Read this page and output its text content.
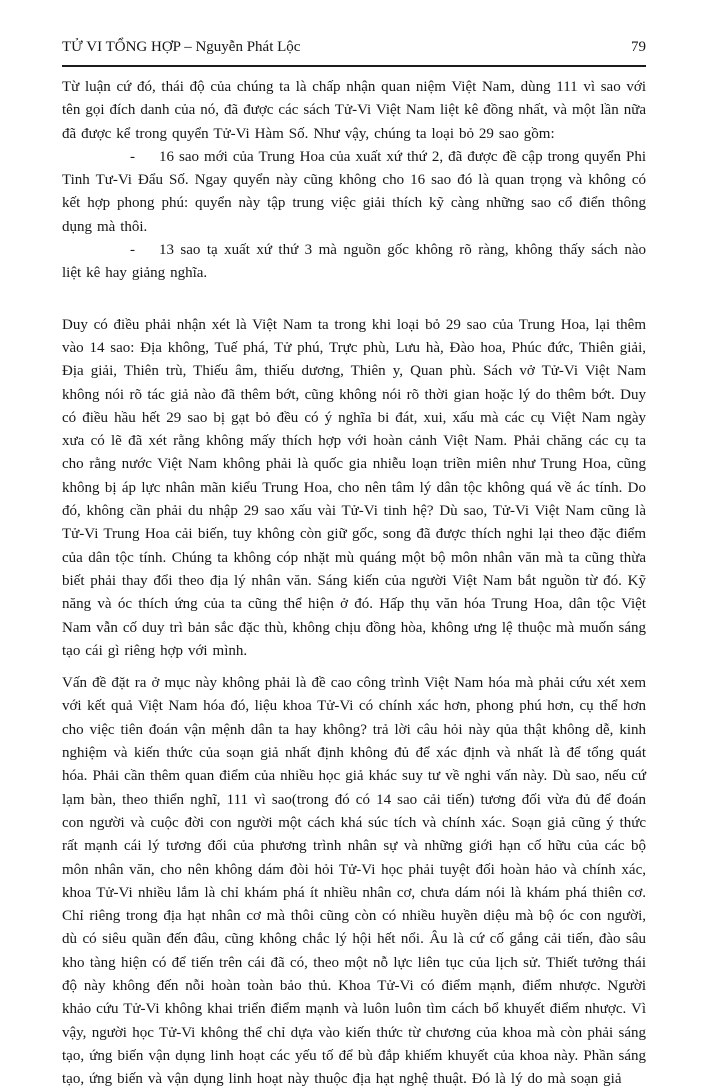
TỬ VI TỔNG HỢP – Nguyễn Phát Lộc	79

Từ luận cứ đó, thái độ của chúng ta là chấp nhận quan niệm Việt Nam, dùng 111 vì sao với tên gọi đích danh của nó, đã được các sách Tử-Vi Việt Nam liệt kê đồng nhất, và một lần nữa đã được kể trong quyển Tử-Vi Hàm Số. Như vậy, chúng ta loại bỏ 29 sao gồm:

- 16 sao mới của Trung Hoa của xuất xứ thứ 2, đã được đề cập trong quyển Phi Tinh Tư-Vi Đẩu Số. Ngay quyển này cũng không cho 16 sao đó là quan trọng và không có kết hợp phong phú: quyển này tập trung việc giải thích kỹ càng những sao cổ điển thông dụng mà thôi.

- 13 sao tạ xuất xứ thứ 3 mà nguồn gốc không rõ ràng, không thấy sách nào liệt kê hay giảng nghĩa.

Duy có điều phải nhận xét là Việt Nam ta trong khi loại bỏ 29 sao của Trung Hoa, lại thêm vào 14 sao: Địa không, Tuế phá, Tử phú, Trực phù, Lưu hà, Đào hoa, Phúc đức, Thiên giải, Địa giải, Thiên trù, Thiếu âm, thiếu dương, Thiên y, Quan phù. Sách vở Tử-Vi Việt Nam không nói rõ tác giả nào đã thêm bớt, cũng không nói rõ thời gian hoặc lý do thêm bớt. Duy có điều hầu hết 29 sao bị gạt bỏ đều có ý nghĩa bi đát, xui, xấu mà các cụ Việt Nam ngày xưa có lẽ đã xét rằng không mấy thích hợp với hoàn cảnh Việt Nam. Phải chăng các cụ ta cho rằng nước Việt Nam không phải là quốc gia nhiễu loạn triền miên như Trung Hoa, cũng không bị áp lực nhân mãn kiểu Trung Hoa, cho nên tâm lý dân tộc không quá về ác tính. Do đó, không cần phải du nhập 29 sao xấu vài Tử-Vi tinh hệ? Dù sao, Tử-Vi Việt Nam cũng là Tử-Vi Trung Hoa cải biến, tuy không còn giữ gốc, song đã được thích nghi lại theo đặc điểm của dân tộc tính. Chúng ta không cóp nhặt mù quáng một bộ môn nhân văn mà ta cũng thừa biết phải thay đổi theo địa lý nhân văn. Sáng kiến của người Việt Nam bắt nguồn từ đó. Kỹ năng và óc thích ứng của ta cũng thể hiện ở đó. Hấp thụ văn hóa Trung Hoa, dân tộc Việt Nam vẫn cố duy trì bản sắc đặc thù, không chịu đồng hòa, không ưng lệ thuộc mà muốn sáng tạo cái gì riêng hợp với mình.

Vấn đề đặt ra ở mục này không phải là đề cao công trình Việt Nam hóa mà phải cứu xét xem với kết quả Việt Nam hóa đó, liệu khoa Tử-Vi có chính xác hơn, phong phú hơn, cụ thể hơn cho việc tiên đoán vận mệnh dân ta hay không? trả lời câu hỏi này qủa thật không dễ, kinh nghiệm và kiến thức của soạn giả nhất định không đủ để xác định và nhất là để tổng quát hóa. Phải cần thêm quan điểm của nhiều học giả khác suy tư về nghi vấn này. Dù sao, nếu cứ lạm bàn, theo thiển nghĩ, 111 vì sao(trong đó có 14 sao cải tiến) tương đối vừa đủ để đoán con người và cuộc đời con người một cách khá súc tích và chính xác. Soạn giả cũng ý thức rất mạnh cái lý tương đối của phương trình nhân sự và những giới hạn cố hữu của các bộ môn nhân văn, cho nên không dám đòi hỏi Tử-Vi học phải tuyệt đối hoàn hảo và chính xác, khoa Tử-Vi nhiều lắm là chỉ khám phá ít nhiều nhân cơ, chưa dám nói là khám phá thiên cơ. Chỉ riêng trong địa hạt nhân cơ mà thôi cũng còn có nhiều huyền diệu mà bộ óc con người, dù có siêu quần đến đâu, cũng không chắc lý hội hết nổi. Âu là cứ cố gắng cải tiến, đào sâu kho tàng hiện có để tiến trên cái đã có, theo một nỗ lực liên tục của lịch sử. Thiết tưởng thái độ này không đến nỗi hoàn toàn bảo thủ. Khoa Tử-Vi có điểm mạnh, điểm nhược. Người khảo cứu Tử-Vi không khai triển điểm mạnh và luôn luôn tìm cách bổ khuyết điểm nhược. Vì vậy, người học Tử-Vi không thể chỉ dựa vào kiến thức từ chương của khoa mà còn phải sáng tạo, ứng biến vận dụng linh hoạt các yếu tố để bù đắp khiếm khuyết của khoa này. Phần sáng tạo, ứng biến và vận dụng linh hoạt này thuộc địa hạt nghệ thuật. Đó là lý do mà soạn giả
